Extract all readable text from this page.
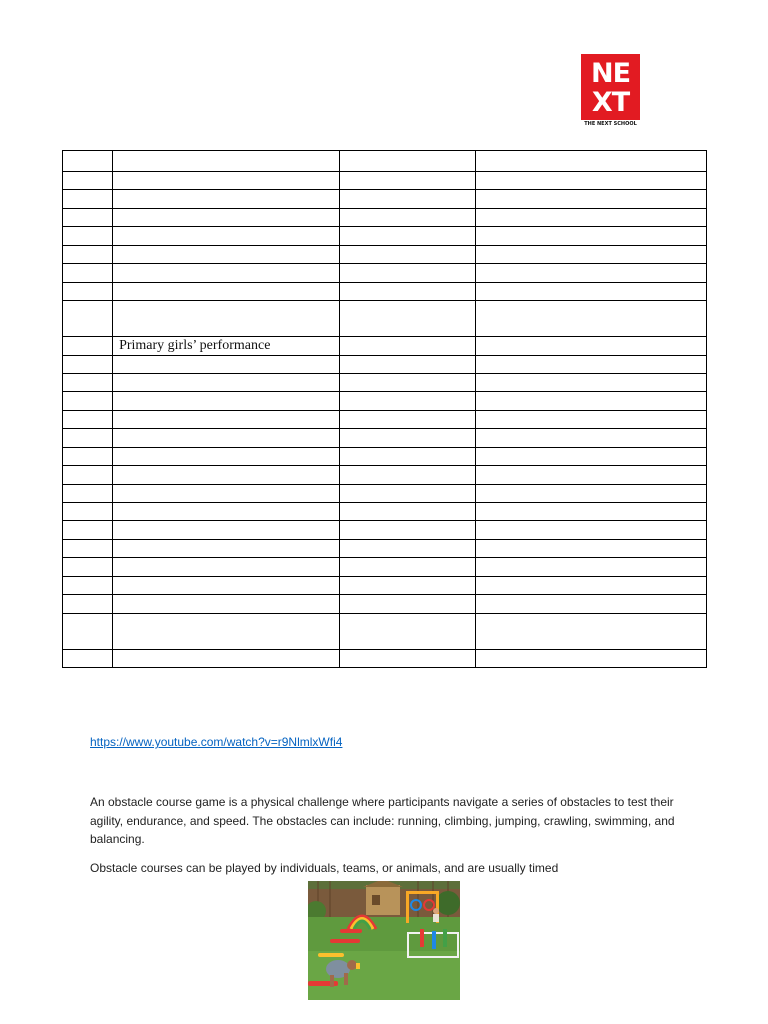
NE
XT
THE NEXT SCHOOL

	Primary girls’ performance		

https://www.youtube.com/watch?v=r9NlmlxWfi4

An obstacle course game is a physical challenge where participants navigate a series of obstacles to test their agility, endurance, and speed. The obstacles can include: running, climbing, jumping, crawling, swimming, and balancing.

Obstacle courses can be played by individuals, teams, or animals, and are usually timed
